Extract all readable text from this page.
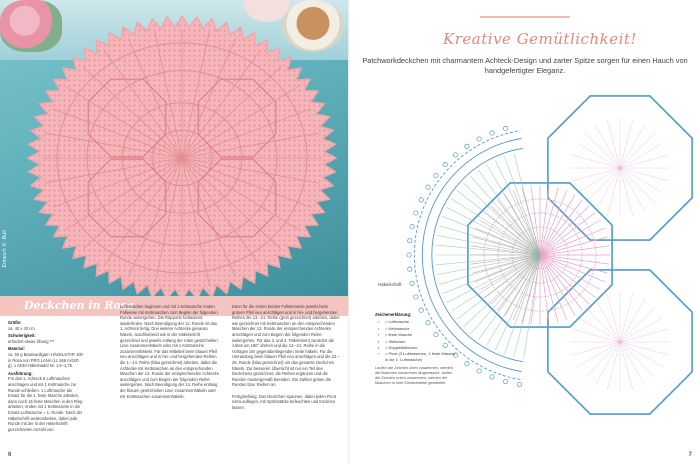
Entwurf: K. Bull
Deckchen in Rosa

Größe:
ca. 40 x 40 cm

Schwierigkeit:
erfordert etwas Übung ***

Material:
ca. 60 g Baumwollgarn HÄKELSTAR 100 in Rosa von PRO LANA (LL 566 m/100 g), 1 ADDI Häkelnadel Nr. 1,5–1,75.

Ausführung:
Für das 1. Achteck 8 Luftmaschen anschlagen und mit 1 Kettmasche zur Runde schließen. 1 Luftmasche als Ersatz für die 1. feste Masche arbeiten, dann noch 15 feste Maschen in den Ring arbeiten, enden mit 1 Kettmasche in die Ersatz-Luftmasche = 1. Runde. Nach der Häkelschrift weiterarbeiten, dabei jede Runde mit der in der Häkelschrift gezeichneten Anzahl von

Luftmaschen beginnen und mit 1 Kettmasche enden. Fallweise mit Kettmaschen zum Beginn der folgenden Runde weitergehen. Die Rapporte fortlaufend wiederholen. Nach Beendigung der 12. Runde ist das 1. Achteck fertig. Drei weitere Achtecke genauso häkeln, anschließend wie in der Häkelschrift gezeichnet und jeweils entlang der roten gestrichelten Linie zusammenhäkeln oder mit 1 Kettmasche zusammenhäkeln. Für das Mittelteil beim blauen Pfeil neu anschlägen und in hin- und hergehenden Reihen die 1.–14. Reihe (blau gezeichnet) arbeiten, dabei die Achtecke mit Kettmaschen an den entsprechenden Maschen der 12. Runde der entsprechenden Achtecke anschlägen und zum Beginn der folgenden Reihe weitergehen. Nach Beendigung der 14. Reihe entlang der blauen gestrichelten Linie zusammenhäkeln oder mit Kettmaschen zusammenhäkeln.

Dann für die ersten beiden Füllelemente jeweils beim grünen Pfeil neu anschlägen und in hin- und hergehenden Reihen die 13.–21. Reihe (grün gezeichnet) arbeiten, dabei wie gezeichnet mit Kettmaschen an den entsprechenden Maschen der 12. Runde der entsprechenden Achtecke anschlägen und zum Beginn der folgenden Reihe weitergehen. Für das 3. und 4. Füllelement zunächst die Arbeit um 180° drehen und die 13.–21. Reihe in die Vorlagen der gegenüberliegenden Seite häkeln. Für die Umrandung beim blauen Pfeil neu anschlägen und die 22.–25. Runde (blau gezeichnet) um das gesamte Deckchen häkeln. Zur besseren Übersicht ist nur ein Teil des Deckchens gezeichnet, die Reihen ergänzen und die Runden mustergemäß beenden. Die Zahlen geben die Runden bzw. Reihen an.

Fertigstellung: Das Deckchen spannen, dabei jeden Picot extra auflegen, mit Sprühstärke befeuchten und trocknen lassen.

6
Kreative Gemütlichkeit!
Patchworkdeckchen mit charmantem Achteck-Design und zarter Spitze sorgen für einen Hauch von handgefertigter Eleganz.
Häkelschrift
Zeichenerklärung:
○	= Luftmasche
•	= Kettmasche
+	= feste Masche
†	= Stäbchen
‡	= Doppelstäbchen
ᴖ	= Picot (3 Luftmaschen, 1 feste Masche in die 1. Luftmasche)
Laufen die Zeichen oben zusammen, werden die Maschen zusammen abgemascht, laufen die Zeichen unten zusammen, werden die Maschen in eine Einstichstelle gearbeitet.
7
